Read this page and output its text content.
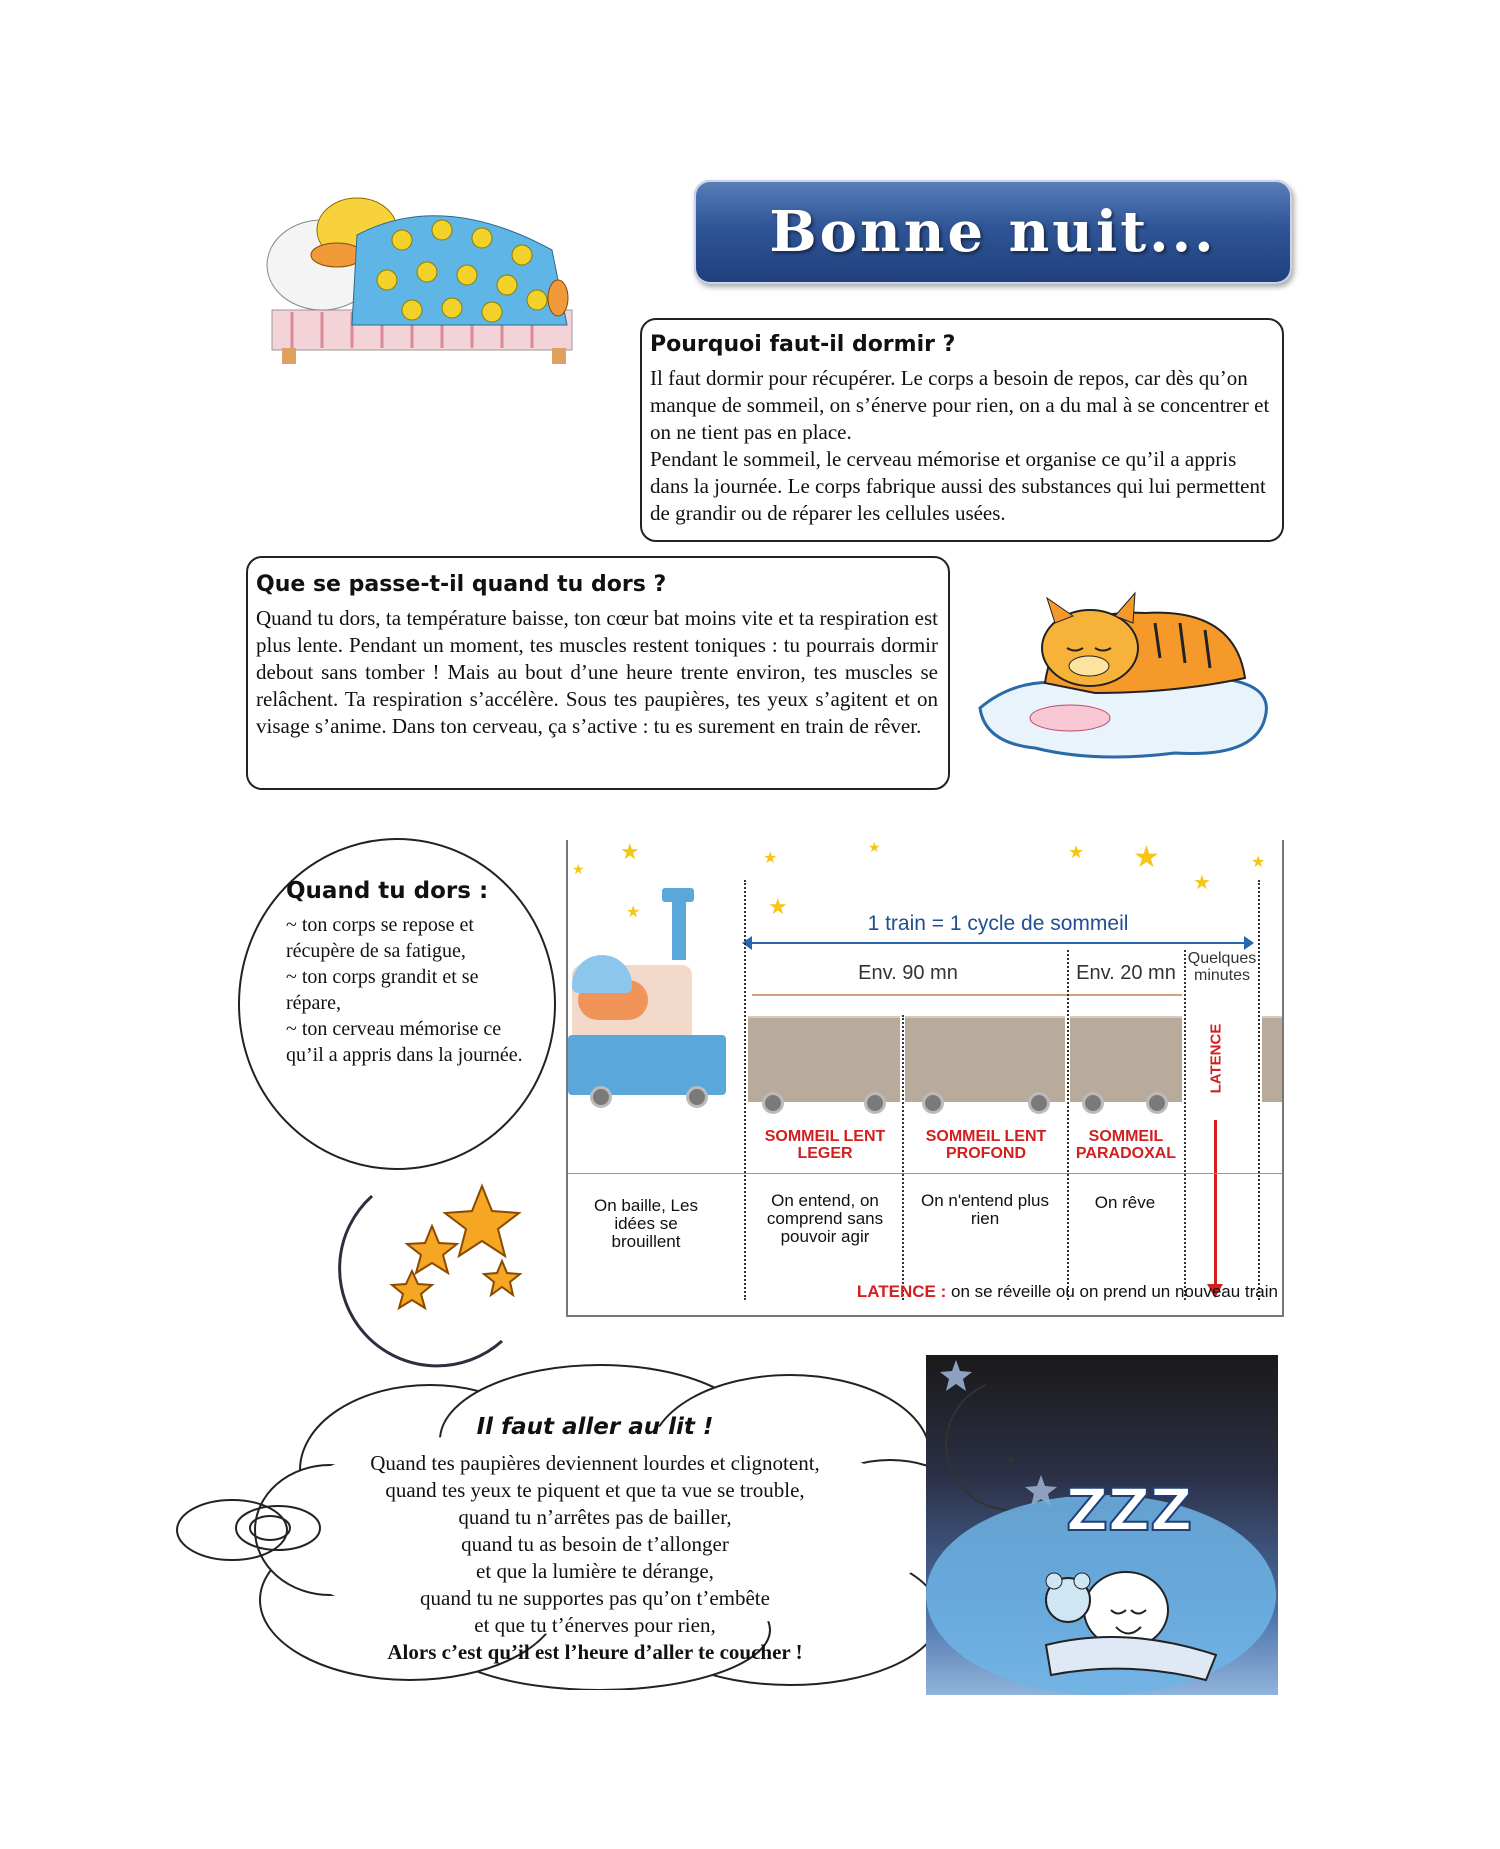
Bonne nuit...
Pourquoi faut-il dormir ?

Il faut dormir pour récupérer. Le corps a besoin de repos, car dès qu’on manque de sommeil, on s’énerve pour rien, on a du mal à se concentrer et on ne tient pas en place.

Pendant le sommeil, le cerveau mémorise et organise ce qu’il a appris dans la journée. Le corps fabrique aussi des substances qui lui permettent de grandir ou de réparer les cellules usées.

Que se passe-t-il quand tu dors ?

Quand tu dors, ta température baisse, ton cœur bat moins vite et ta respiration est plus lente. Pendant un moment, tes muscles restent toniques : tu pourrais dormir debout sans tomber ! Mais au bout d’une heure trente environ, tes muscles se relâchent. Ta respiration s’accélère. Sous tes paupières, tes yeux s’agitent et on visage s’anime. Dans ton cerveau, ça s’active : tu es surement en train de rêver.

Quand tu dors :
~ ton corps se repose et récupère de sa fatigue,
~ ton corps grandit et se répare,
~ ton cerveau mémorise ce qu’il a appris dans la journée.
★	★	★	★ ★
★
★
★
★	★
1 train = 1 cycle de sommeil
Env. 90 mn	Env. 20 mn
Quelques minutes
LATENCE
SOMMEIL LENT LEGER
SOMMEIL LENT PROFOND
SOMMEIL PARADOXAL
On baille, Les idées se brouillent
On entend, on comprend sans pouvoir agir
On n'entend plus rien
On rêve
LATENCE : on se réveille ou on prend un nouveau train
Il faut aller au lit !
Quand tes paupières deviennent lourdes et clignotent,
quand tes yeux te piquent et que ta vue se trouble,
quand tu n’arrêtes pas de bailler,
quand tu as besoin de t’allonger
et que la lumière te dérange,
quand tu ne supportes pas qu’on t’embête
et que tu t’énerves pour rien,
Alors c’est qu’il est l’heure d’aller te coucher !
ZZZ
